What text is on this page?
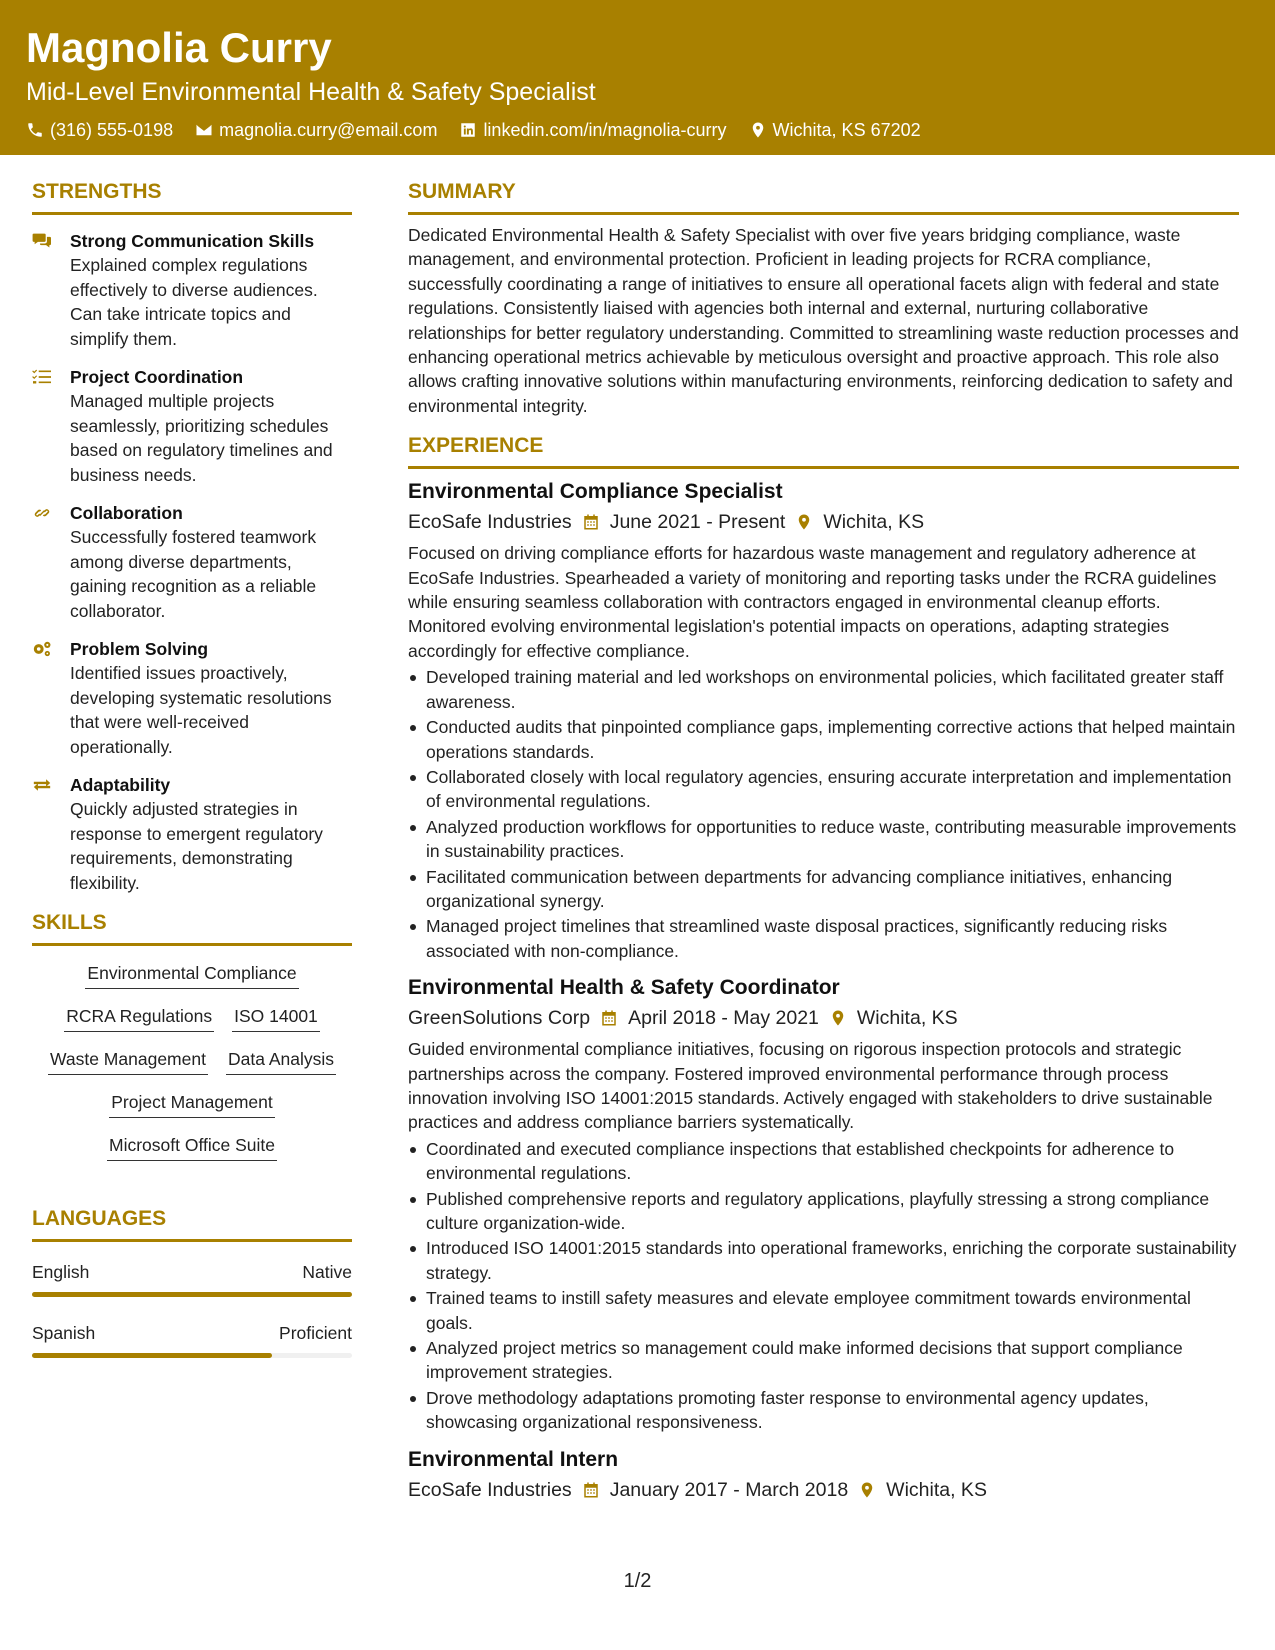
Magnolia Curry
Mid-Level Environmental Health & Safety Specialist
(316) 555-0198	magnolia.curry@email.com	linkedin.com/in/magnolia-curry	Wichita, KS 67202
STRENGTHS
Strong Communication Skills
Explained complex regulations effectively to diverse audiences. Can take intricate topics and simplify them.
Project Coordination
Managed multiple projects seamlessly, prioritizing schedules based on regulatory timelines and business needs.
Collaboration
Successfully fostered teamwork among diverse departments, gaining recognition as a reliable collaborator.
Problem Solving
Identified issues proactively, developing systematic resolutions that were well-received operationally.
Adaptability
Quickly adjusted strategies in response to emergent regulatory requirements, demonstrating flexibility.
SKILLS
Environmental Compliance
RCRA Regulations ISO 14001
Waste Management Data Analysis
Project Management
Microsoft Office Suite
LANGUAGES
English	Native
Spanish	Proficient
SUMMARY
Dedicated Environmental Health & Safety Specialist with over five years bridging compliance, waste management, and environmental protection. Proficient in leading projects for RCRA compliance, successfully coordinating a range of initiatives to ensure all operational facets align with federal and state regulations. Consistently liaised with agencies both internal and external, nurturing collaborative relationships for better regulatory understanding. Committed to streamlining waste reduction processes and enhancing operational metrics achievable by meticulous oversight and proactive approach. This role also allows crafting innovative solutions within manufacturing environments, reinforcing dedication to safety and environmental integrity.
EXPERIENCE
Environmental Compliance Specialist
EcoSafe Industries June 2021 - Present Wichita, KS
Focused on driving compliance efforts for hazardous waste management and regulatory adherence at EcoSafe Industries. Spearheaded a variety of monitoring and reporting tasks under the RCRA guidelines while ensuring seamless collaboration with contractors engaged in environmental cleanup efforts. Monitored evolving environmental legislation's potential impacts on operations, adapting strategies accordingly for effective compliance.
Developed training material and led workshops on environmental policies, which facilitated greater staff awareness.
Conducted audits that pinpointed compliance gaps, implementing corrective actions that helped maintain operations standards.
Collaborated closely with local regulatory agencies, ensuring accurate interpretation and implementation of environmental regulations.
Analyzed production workflows for opportunities to reduce waste, contributing measurable improvements in sustainability practices.
Facilitated communication between departments for advancing compliance initiatives, enhancing organizational synergy.
Managed project timelines that streamlined waste disposal practices, significantly reducing risks associated with non-compliance.
Environmental Health & Safety Coordinator
GreenSolutions Corp April 2018 - May 2021 Wichita, KS
Guided environmental compliance initiatives, focusing on rigorous inspection protocols and strategic partnerships across the company. Fostered improved environmental performance through process innovation involving ISO 14001:2015 standards. Actively engaged with stakeholders to drive sustainable practices and address compliance barriers systematically.
Coordinated and executed compliance inspections that established checkpoints for adherence to environmental regulations.
Published comprehensive reports and regulatory applications, playfully stressing a strong compliance culture organization-wide.
Introduced ISO 14001:2015 standards into operational frameworks, enriching the corporate sustainability strategy.
Trained teams to instill safety measures and elevate employee commitment towards environmental goals.
Analyzed project metrics so management could make informed decisions that support compliance improvement strategies.
Drove methodology adaptations promoting faster response to environmental agency updates, showcasing organizational responsiveness.
Environmental Intern
EcoSafe Industries January 2017 - March 2018 Wichita, KS
1/2
